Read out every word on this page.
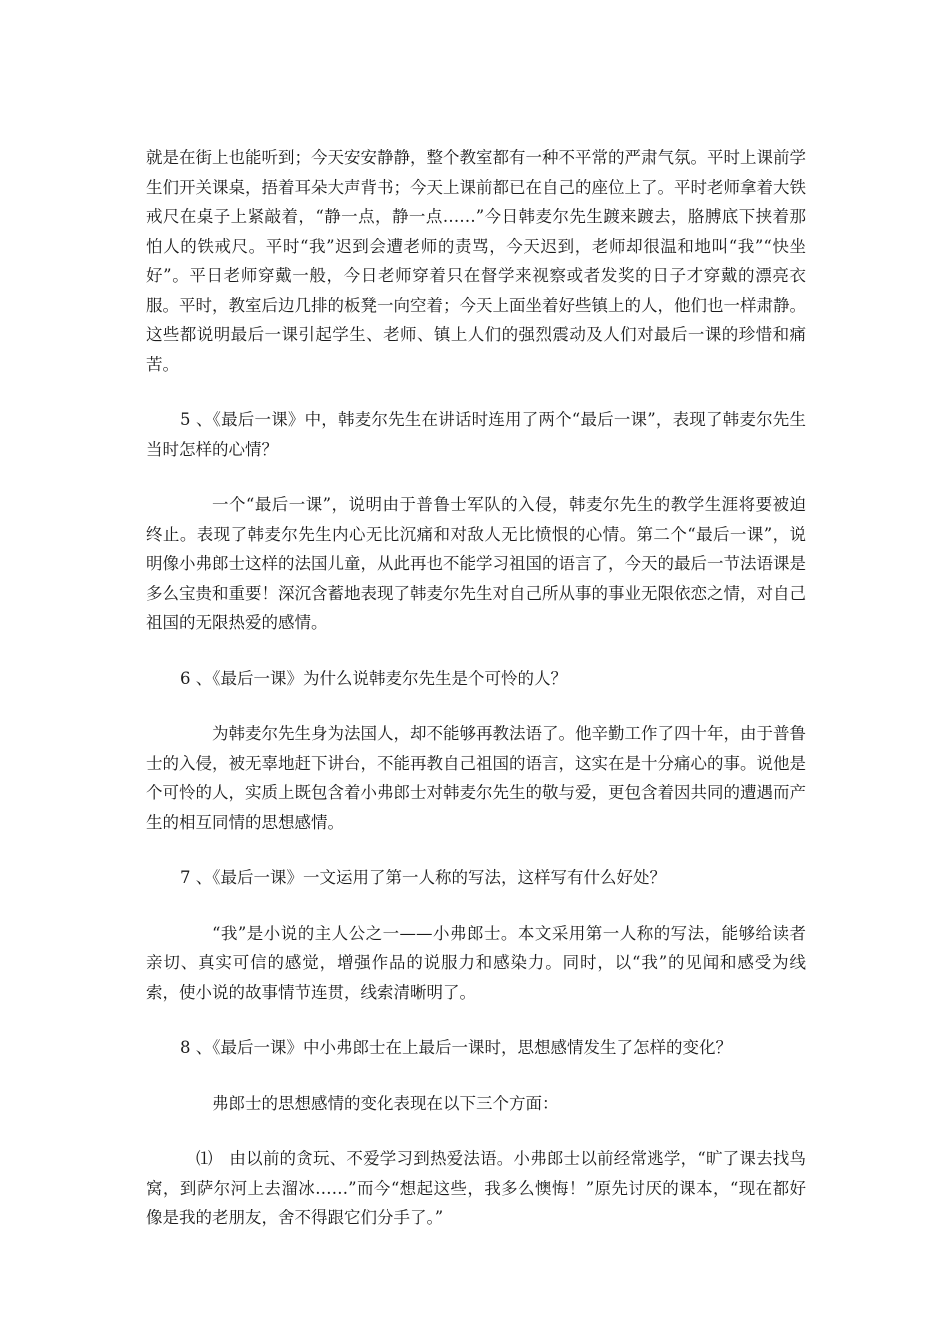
就是在街上也能听到；今天安安静静，整个教室都有一种不平常的严肃气氛。平时上课前学生们开关课桌，捂着耳朵大声背书；今天上课前都已在自己的座位上了。平时老师拿着大铁戒尺在桌子上紧敲着，“静一点，静一点……”今日韩麦尔先生踱来踱去，胳膊底下挟着那怕人的铁戒尺。平时“我”迟到会遭老师的责骂，今天迟到，老师却很温和地叫“我”“快坐好”。平日老师穿戴一般，今日老师穿着只在督学来视察或者发奖的日子才穿戴的漂亮衣服。平时，教室后边几排的板凳一向空着；今天上面坐着好些镇上的人，他们也一样肃静。这些都说明最后一课引起学生、老师、镇上人们的强烈震动及人们对最后一课的珍惜和痛苦。

5 、《最后一课》中，韩麦尔先生在讲话时连用了两个“最后一课”，表现了韩麦尔先生当时怎样的心情？

一个“最后一课”，说明由于普鲁士军队的入侵，韩麦尔先生的教学生涯将要被迫终止。表现了韩麦尔先生内心无比沉痛和对敌人无比愤恨的心情。第二个“最后一课”，说明像小弗郎士这样的法国儿童，从此再也不能学习祖国的语言了，今天的最后一节法语课是多么宝贵和重要！深沉含蓄地表现了韩麦尔先生对自己所从事的事业无限依恋之情，对自己祖国的无限热爱的感情。

6 、《最后一课》为什么说韩麦尔先生是个可怜的人？

为韩麦尔先生身为法国人，却不能够再教法语了。他辛勤工作了四十年，由于普鲁士的入侵，被无辜地赶下讲台，不能再教自己祖国的语言，这实在是十分痛心的事。说他是个可怜的人，实质上既包含着小弗郎士对韩麦尔先生的敬与爱，更包含着因共同的遭遇而产生的相互同情的思想感情。

7 、《最后一课》一文运用了第一人称的写法，这样写有什么好处？

“我”是小说的主人公之一——小弗郎士。本文采用第一人称的写法，能够给读者亲切、真实可信的感觉，增强作品的说服力和感染力。同时，以“我”的见闻和感受为线索，使小说的故事情节连贯，线索清晰明了。

8 、《最后一课》中小弗郎士在上最后一课时，思想感情发生了怎样的变化？

弗郎士的思想感情的变化表现在以下三个方面：

⑴　由以前的贪玩、不爱学习到热爱法语。小弗郎士以前经常逃学，“旷了课去找鸟窝，到萨尔河上去溜冰……”而今“想起这些，我多么懊悔！”原先讨厌的课本，“现在都好像是我的老朋友，舍不得跟它们分手了。”
